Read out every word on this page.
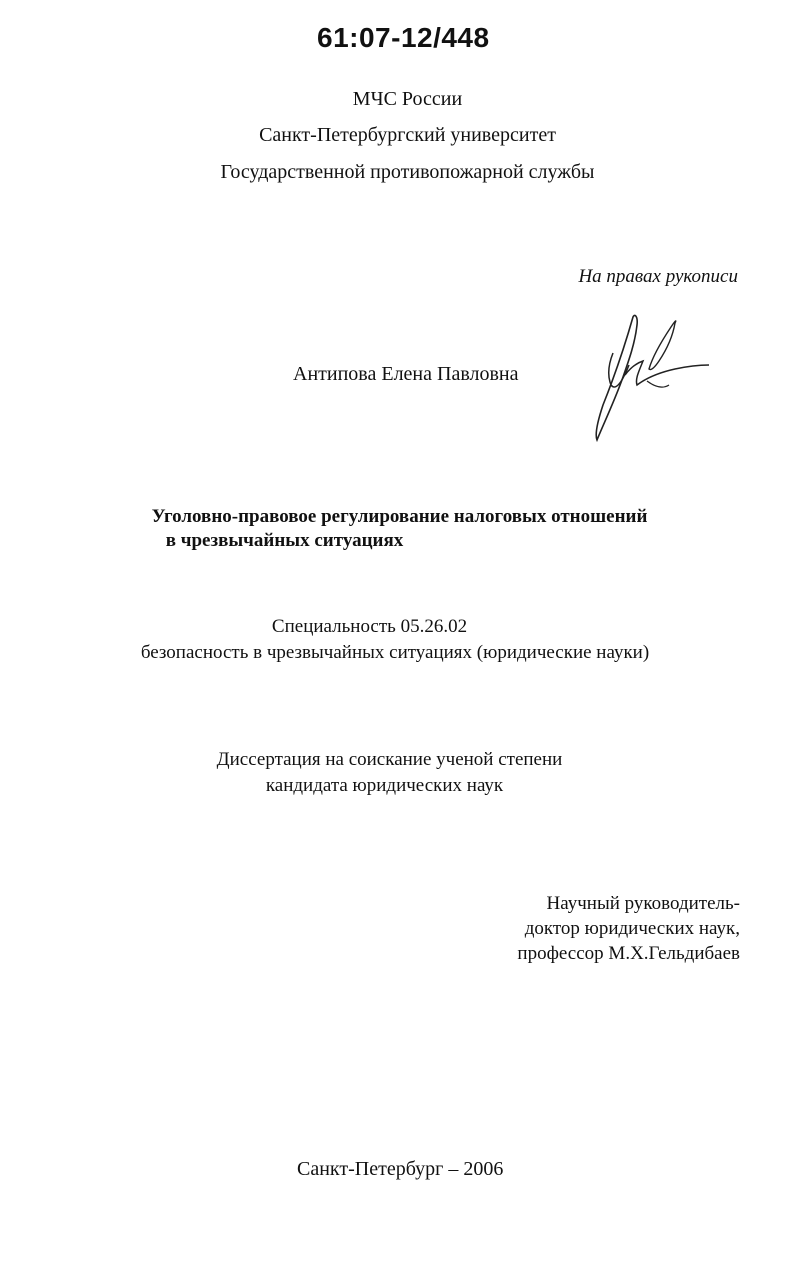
61:07-12/448
МЧС России
Санкт-Петербургский университет
Государственной противопожарной службы
На правах рукописи
Антипова Елена Павловна
Уголовно-правовое регулирование налоговых отношений
в чрезвычайных ситуациях
Специальность 05.26.02
безопасность в чрезвычайных ситуациях (юридические науки)
Диссертация на соискание ученой степени
кандидата юридических наук
Научный руководитель-
доктор юридических наук,
профессор М.Х.Гельдибаев
Санкт-Петербург – 2006
